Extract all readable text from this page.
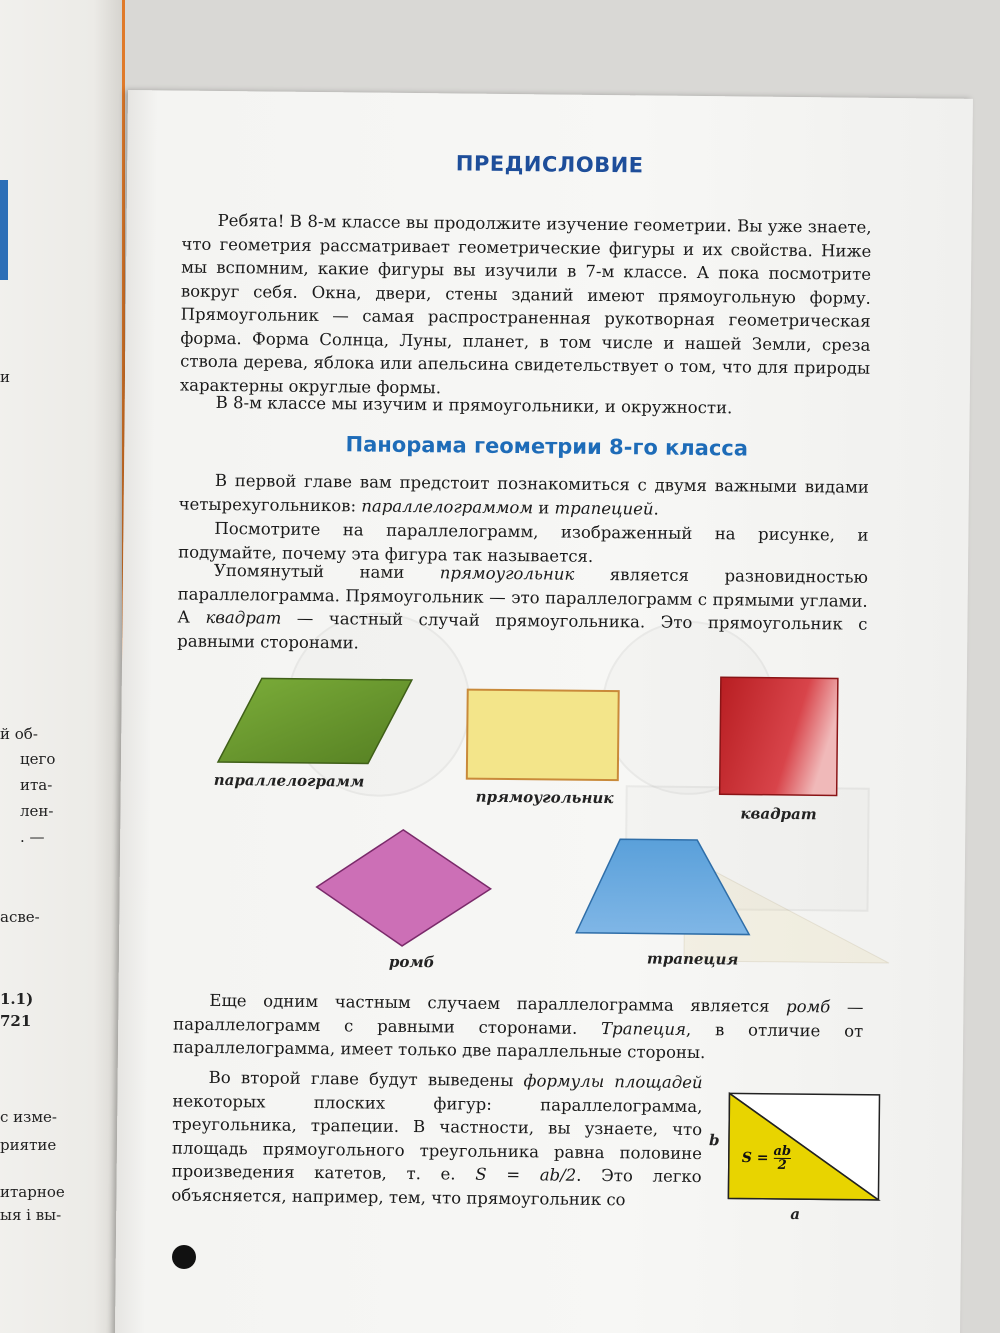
и
й об-
цего
ита-
лен-
. —
асве-
1.1)
721
с изме-
риятие
итарное
ыя і вы-
ПРЕДИСЛОВИЕ

Ребята! В 8-м классе вы продолжите изучение геометрии. Вы уже знаете, что геометрия рассматривает геометрические фигуры и их свойства. Ниже мы вспомним, какие фигуры вы изучили в 7-м классе. А пока посмотрите вокруг себя. Окна, двери, стены зданий имеют прямоугольную форму. Прямоугольник — самая распространенная рукотворная геометрическая форма. Форма Солнца, Луны, планет, в том числе и нашей Земли, среза ствола дерева, яблока или апельсина свидетельствует о том, что для природы характерны округлые формы.

В 8-м классе мы изучим и прямоугольники, и окружности.

Панорама геометрии 8-го класса

В первой главе вам предстоит познакомиться с двумя важными видами четырехугольников: параллелограммом и трапецией.

Посмотрите на параллелограмм, изображенный на рисунке, и подумайте, почему эта фигура так называется.

Упомянутый нами прямоугольник является разновидностью параллелограмма. Прямоугольник — это параллелограмм с прямыми углами. А квадрат — частный случай прямоугольника. Это прямоугольник с равными сторонами.

параллелограмм
прямоугольник
квадрат
ромб	трапеция

Еще одним частным случаем параллелограмма является ромб — параллелограмм с равными сторонами. Трапеция, в отличие от параллелограмма, имеет только две параллельные стороны.

Во второй главе будут выведены формулы площадей некоторых плоских фигур: параллелограмма, треугольника, трапеции. В частности, вы узнаете, что площадь прямоугольного треугольника равна половине произведения катетов, т. е. S = ab/2. Это легко объясняется, например, тем, что прямоугольник со

$S = \frac{ab}{2}$
b
a
